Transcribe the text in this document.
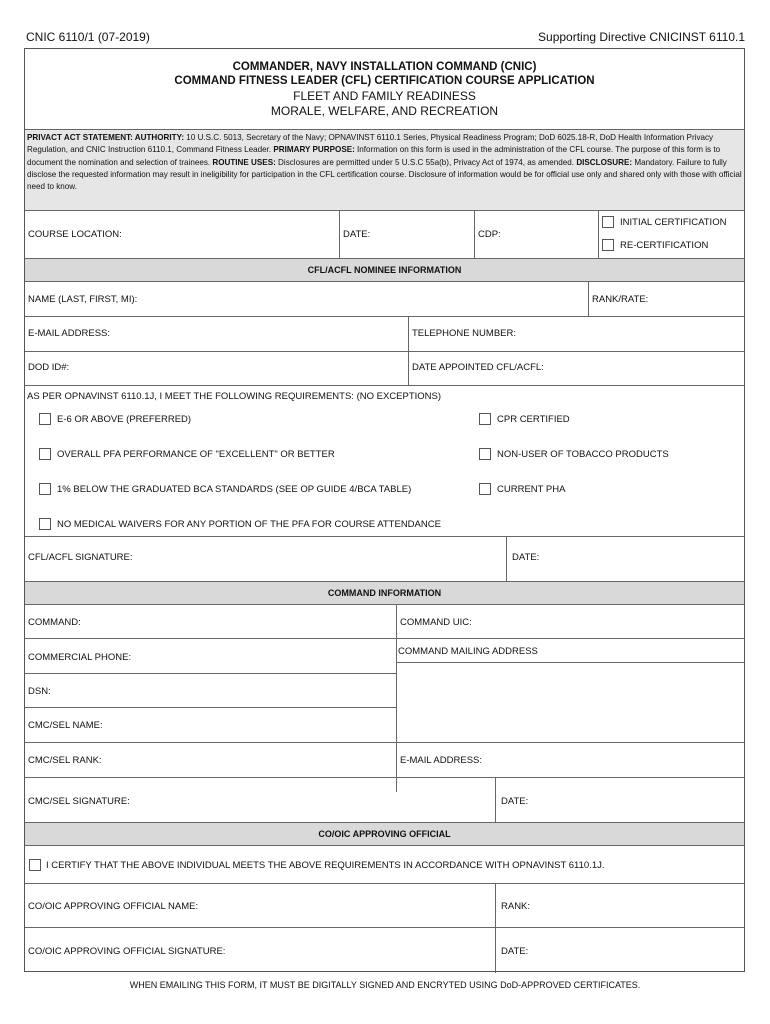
CNIC 6110/1 (07-2019)	Supporting Directive CNICINST 6110.1
COMMANDER, NAVY INSTALLATION COMMAND (CNIC)
COMMAND FITNESS LEADER (CFL) CERTIFICATION COURSE APPLICATION
FLEET AND FAMILY READINESS
MORALE, WELFARE, AND RECREATION
PRIVACT ACT STATEMENT: AUTHORITY: 10 U.S.C. 5013, Secretary of the Navy; OPNAVINST 6110.1 Series, Physical Readiness Program; DoD 6025.18-R, DoD Health Information Privacy Regulation, and CNIC Instruction 6110.1, Command Fitness Leader. PRIMARY PURPOSE: Information on this form is used in the administration of the CFL course. The purpose of this form is to document the nomination and selection of trainees. ROUTINE USES: Disclosures are permitted under 5 U.S.C 55a(b), Privacy Act of 1974, as amended. DISCLOSURE: Mandatory. Failure to fully disclose the requested information may result in ineligibility for participation in the CFL certification course. Disclosure of information would be for official use only and shared only with those with official need to know.
COURSE LOCATION:	DATE:	CDP:
INITIAL CERTIFICATION
RE-CERTIFICATION
CFL/ACFL NOMINEE INFORMATION
NAME (LAST, FIRST, MI):	RANK/RATE:
E-MAIL ADDRESS:	TELEPHONE NUMBER:
DOD ID#:	DATE APPOINTED CFL/ACFL:
AS PER OPNAVINST 6110.1J, I MEET THE FOLLOWING REQUIREMENTS: (NO EXCEPTIONS)
E-6 OR ABOVE (PREFERRED)	CPR CERTIFIED
OVERALL PFA PERFORMANCE OF "EXCELLENT" OR BETTER	NON-USER OF TOBACCO PRODUCTS
1% BELOW THE GRADUATED BCA STANDARDS (SEE OP GUIDE 4/BCA TABLE)	CURRENT PHA
NO MEDICAL WAIVERS FOR ANY PORTION OF THE PFA FOR COURSE ATTENDANCE
CFL/ACFL SIGNATURE:	DATE:
COMMAND INFORMATION
COMMAND:	COMMAND UIC:
COMMERCIAL PHONE:
COMMAND MAILING ADDRESS
DSN:
CMC/SEL NAME:
CMC/SEL RANK:	E-MAIL ADDRESS:
CMC/SEL SIGNATURE:	DATE:
CO/OIC APPROVING OFFICIAL
I CERTIFY THAT THE ABOVE INDIVIDUAL MEETS THE ABOVE REQUIREMENTS IN ACCORDANCE WITH OPNAVINST 6110.1J.
CO/OIC APPROVING OFFICIAL NAME:	RANK:
CO/OIC APPROVING OFFICIAL SIGNATURE:	DATE:
WHEN EMAILING THIS FORM, IT MUST BE DIGITALLY SIGNED AND ENCRYTED USING DoD-APPROVED CERTIFICATES.
